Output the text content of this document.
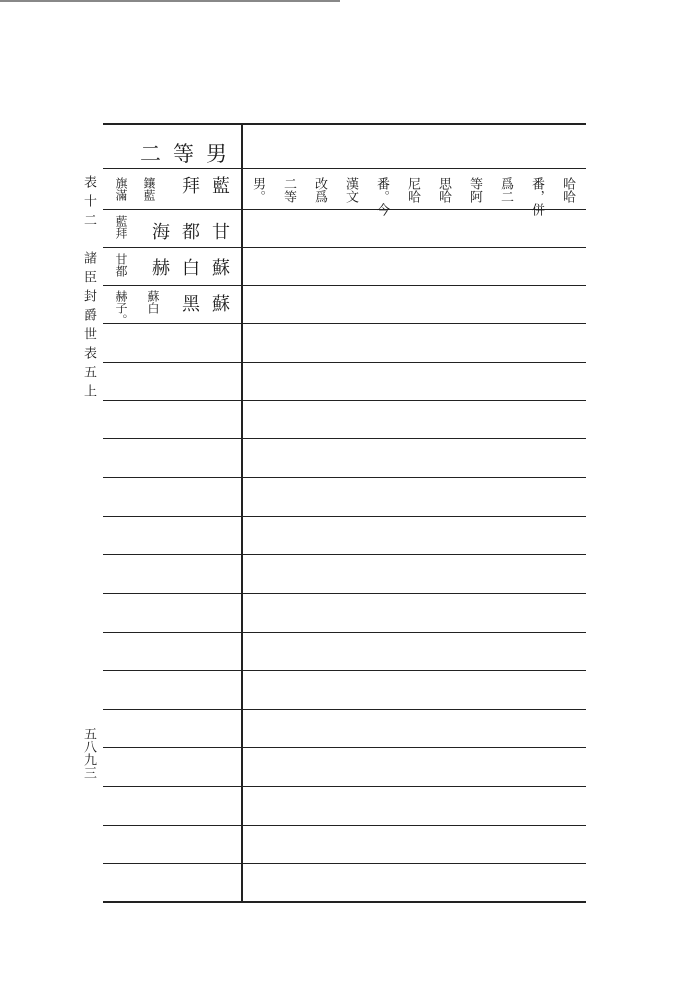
表十二　諸臣封爵世表五上
五八九三
二等男
藍
拜
鑲藍
旗滿	哈哈
番，併
爲二
等阿
思哈
尼哈
番。今
漢文
改爲
二等
男。
甘
都
海
藍拜
蘇
白
赫
甘都
蘇
黑
白
蘇
赫子。
